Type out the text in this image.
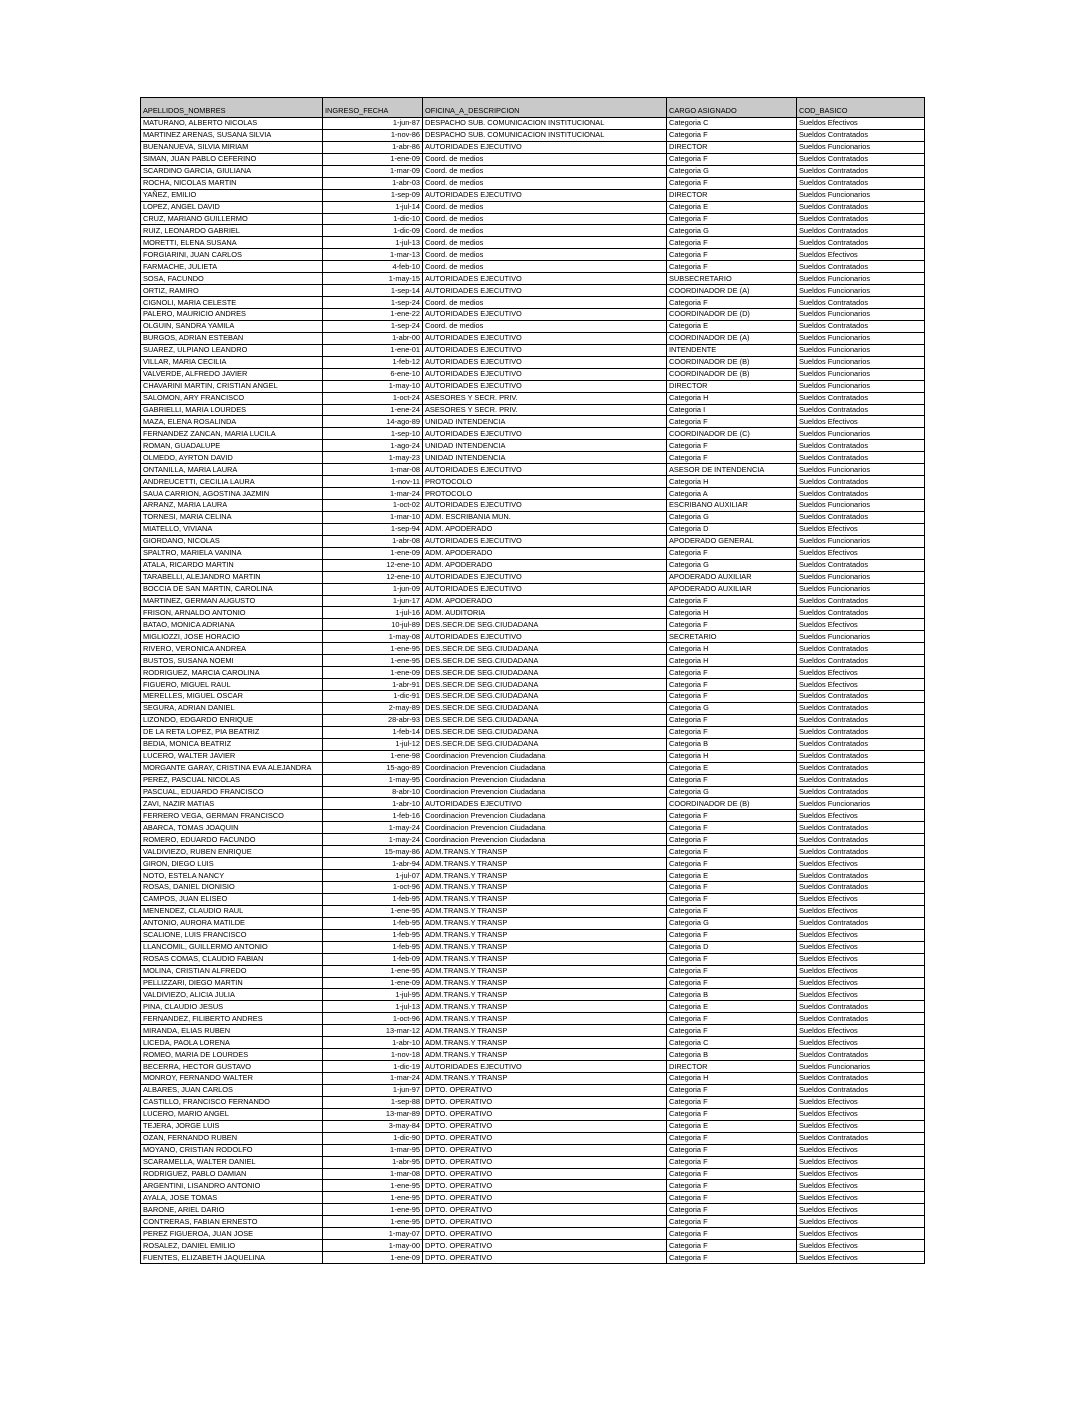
APELLIDOS_NOMBRES	INGRESO_FECHA	OFICINA_A_DESCRIPCION	CARGO ASIGNADO	COD_BASICO
MATURANO, ALBERTO NICOLAS	1-jun-87	DESPACHO SUB. COMUNICACION INSTITUCIONAL	Categoria C	Sueldos Efectivos
MARTINEZ ARENAS, SUSANA SILVIA	1-nov-86	DESPACHO SUB. COMUNICACION INSTITUCIONAL	Categoria F	Sueldos Contratados
BUENANUEVA, SILVIA MIRIAM	1-abr-86	AUTORIDADES EJECUTIVO	DIRECTOR	Sueldos Funcionarios
SIMAN, JUAN PABLO CEFERINO	1-ene-09	Coord. de medios	Categoria F	Sueldos Contratados
SCARDINO GARCIA, GIULIANA	1-mar-09	Coord. de medios	Categoria G	Sueldos Contratados
ROCHA, NICOLAS MARTIN	1-abr-03	Coord. de medios	Categoria F	Sueldos Contratados
YAÑEZ, EMILIO	1-sep-09	AUTORIDADES EJECUTIVO	DIRECTOR	Sueldos Funcionarios
LOPEZ, ANGEL DAVID	1-jul-14	Coord. de medios	Categoria E	Sueldos Contratados
CRUZ, MARIANO GUILLERMO	1-dic-10	Coord. de medios	Categoria F	Sueldos Contratados
RUIZ, LEONARDO GABRIEL	1-dic-09	Coord. de medios	Categoria G	Sueldos Contratados
MORETTI, ELENA SUSANA	1-jul-13	Coord. de medios	Categoria F	Sueldos Contratados
FORGIARINI, JUAN CARLOS	1-mar-13	Coord. de medios	Categoria F	Sueldos Efectivos
FARMACHE, JULIETA	4-feb-10	Coord. de medios	Categoria F	Sueldos Contratados
SOSA, FACUNDO	1-may-15	AUTORIDADES EJECUTIVO	SUBSECRETARIO	Sueldos Funcionarios
ORTIZ, RAMIRO	1-sep-14	AUTORIDADES EJECUTIVO	COORDINADOR DE (A)	Sueldos Funcionarios
CIGNOLI, MARIA CELESTE	1-sep-24	Coord. de medios	Categoria F	Sueldos Contratados
PALERO, MAURICIO ANDRES	1-ene-22	AUTORIDADES EJECUTIVO	COORDINADOR DE (D)	Sueldos Funcionarios
OLGUIN, SANDRA YAMILA	1-sep-24	Coord. de medios	Categoria E	Sueldos Contratados
BURGOS, ADRIAN ESTEBAN	1-abr-00	AUTORIDADES EJECUTIVO	COORDINADOR DE (A)	Sueldos Funcionarios
SUAREZ, ULPIANO LEANDRO	1-ene-01	AUTORIDADES EJECUTIVO	INTENDENTE	Sueldos Funcionarios
VILLAR, MARIA CECILIA	1-feb-12	AUTORIDADES EJECUTIVO	COORDINADOR DE (B)	Sueldos Funcionarios
VALVERDE, ALFREDO JAVIER	6-ene-10	AUTORIDADES EJECUTIVO	COORDINADOR DE (B)	Sueldos Funcionarios
CHAVARINI MARTIN, CRISTIAN ANGEL	1-may-10	AUTORIDADES EJECUTIVO	DIRECTOR	Sueldos Funcionarios
SALOMON, ARY FRANCISCO	1-oct-24	ASESORES Y SECR. PRIV.	Categoria H	Sueldos Contratados
GABRIELLI, MARIA LOURDES	1-ene-24	ASESORES Y SECR. PRIV.	Categoria I	Sueldos Contratados
MAZA, ELENA ROSALINDA	14-ago-89	UNIDAD INTENDENCIA	Categoria F	Sueldos Efectivos
FERNANDEZ ZANCAN, MARIA LUCILA	1-sep-10	AUTORIDADES EJECUTIVO	COORDINADOR DE (C)	Sueldos Funcionarios
ROMAN, GUADALUPE	1-ago-24	UNIDAD INTENDENCIA	Categoria F	Sueldos Contratados
OLMEDO, AYRTON DAVID	1-may-23	UNIDAD INTENDENCIA	Categoria F	Sueldos Contratados
ONTANILLA, MARIA LAURA	1-mar-08	AUTORIDADES EJECUTIVO	ASESOR DE INTENDENCIA	Sueldos Funcionarios
ANDREUCETTI, CECILIA LAURA	1-nov-11	PROTOCOLO	Categoria H	Sueldos Contratados
SAUA CARRION, AGOSTINA JAZMIN	1-mar-24	PROTOCOLO	Categoria A	Sueldos Contratados
ARRANZ, MARIA LAURA	1-oct-02	AUTORIDADES EJECUTIVO	ESCRIBANO AUXILIAR	Sueldos Funcionarios
TORNESI, MARIA CELINA	1-mar-10	ADM. ESCRIBANIA MUN.	Categoria G	Sueldos Contratados
MIATELLO, VIVIANA	1-sep-94	ADM. APODERADO	Categoria D	Sueldos Efectivos
GIORDANO, NICOLAS	1-abr-08	AUTORIDADES EJECUTIVO	APODERADO GENERAL	Sueldos Funcionarios
SPALTRO, MARIELA VANINA	1-ene-09	ADM. APODERADO	Categoria F	Sueldos Efectivos
ATALA, RICARDO MARTIN	12-ene-10	ADM. APODERADO	Categoria G	Sueldos Contratados
TARABELLI, ALEJANDRO MARTIN	12-ene-10	AUTORIDADES EJECUTIVO	APODERADO AUXILIAR	Sueldos Funcionarios
BOCCIA DE SAN MARTIN, CAROLINA	1-jun-09	AUTORIDADES EJECUTIVO	APODERADO AUXILIAR	Sueldos Funcionarios
MARTINEZ, GERMAN AUGUSTO	1-jun-17	ADM. APODERADO	Categoria F	Sueldos Contratados
FRISON, ARNALDO ANTONIO	1-jul-16	ADM. AUDITORIA	Categoria H	Sueldos Contratados
BATAO, MONICA ADRIANA	10-jul-89	DES.SECR.DE SEG.CIUDADANA	Categoria F	Sueldos Efectivos
MIGLIOZZI, JOSE HORACIO	1-may-08	AUTORIDADES EJECUTIVO	SECRETARIO	Sueldos Funcionarios
RIVERO, VERONICA ANDREA	1-ene-95	DES.SECR.DE SEG.CIUDADANA	Categoria H	Sueldos Contratados
BUSTOS, SUSANA NOEMI	1-ene-95	DES.SECR.DE SEG.CIUDADANA	Categoria H	Sueldos Contratados
RODRIGUEZ, MARCIA CAROLINA	1-ene-09	DES.SECR.DE SEG.CIUDADANA	Categoria F	Sueldos Efectivos
FIGUERO, MIGUEL RAUL	1-abr-91	DES.SECR.DE SEG.CIUDADANA	Categoria F	Sueldos Efectivos
MERELLES, MIGUEL OSCAR	1-dic-91	DES.SECR.DE SEG.CIUDADANA	Categoria F	Sueldos Contratados
SEGURA, ADRIAN DANIEL	2-may-89	DES.SECR.DE SEG.CIUDADANA	Categoria G	Sueldos Contratados
LIZONDO, EDGARDO ENRIQUE	28-abr-93	DES.SECR.DE SEG.CIUDADANA	Categoria F	Sueldos Contratados
DE LA RETA LOPEZ, PIA BEATRIZ	1-feb-14	DES.SECR.DE SEG.CIUDADANA	Categoria F	Sueldos Contratados
BEDIA, MONICA BEATRIZ	1-jul-12	DES.SECR.DE SEG.CIUDADANA	Categoria B	Sueldos Contratados
LUCERO, WALTER JAVIER	1-ene-98	Coordinacion Prevencion Ciudadana	Categoria H	Sueldos Contratados
MORGANTE GARAY, CRISTINA EVA ALEJANDRA	15-ago-89	Coordinacion Prevencion Ciudadana	Categoria E	Sueldos Contratados
PEREZ, PASCUAL NICOLAS	1-may-95	Coordinacion Prevencion Ciudadana	Categoria F	Sueldos Contratados
PASCUAL, EDUARDO FRANCISCO	8-abr-10	Coordinacion Prevencion Ciudadana	Categoria G	Sueldos Contratados
ZAVI, NAZIR MATIAS	1-abr-10	AUTORIDADES EJECUTIVO	COORDINADOR DE (B)	Sueldos Funcionarios
FERRERO VEGA, GERMAN FRANCISCO	1-feb-16	Coordinacion Prevencion Ciudadana	Categoria F	Sueldos Efectivos
ABARCA, TOMAS JOAQUIN	1-may-24	Coordinacion Prevencion Ciudadana	Categoria F	Sueldos Contratados
ROMERO, EDUARDO FACUNDO	1-may-24	Coordinacion Prevencion Ciudadana	Categoria F	Sueldos Contratados
VALDIVIEZO, RUBEN ENRIQUE	15-may-86	ADM.TRANS.Y TRANSP	Categoria F	Sueldos Contratados
GIRON, DIEGO LUIS	1-abr-94	ADM.TRANS.Y TRANSP	Categoria F	Sueldos Efectivos
NOTO, ESTELA NANCY	1-jul-07	ADM.TRANS.Y TRANSP	Categoria E	Sueldos Contratados
ROSAS, DANIEL DIONISIO	1-oct-96	ADM.TRANS.Y TRANSP	Categoria F	Sueldos Contratados
CAMPOS, JUAN ELISEO	1-feb-95	ADM.TRANS.Y TRANSP	Categoria F	Sueldos Efectivos
MENENDEZ, CLAUDIO RAUL	1-ene-95	ADM.TRANS.Y TRANSP	Categoria F	Sueldos Efectivos
ANTONIO, AURORA MATILDE	1-feb-95	ADM.TRANS.Y TRANSP	Categoria G	Sueldos Contratados
SCALIONE, LUIS FRANCISCO	1-feb-95	ADM.TRANS.Y TRANSP	Categoria F	Sueldos Efectivos
LLANCOMIL, GUILLERMO ANTONIO	1-feb-95	ADM.TRANS.Y TRANSP	Categoria D	Sueldos Efectivos
ROSAS COMAS, CLAUDIO FABIAN	1-feb-09	ADM.TRANS.Y TRANSP	Categoria F	Sueldos Efectivos
MOLINA, CRISTIAN ALFREDO	1-ene-95	ADM.TRANS.Y TRANSP	Categoria F	Sueldos Efectivos
PELLIZZARI, DIEGO MARTIN	1-ene-09	ADM.TRANS.Y TRANSP	Categoria F	Sueldos Efectivos
VALDIVIEZO, ALICIA JULIA	1-jul-95	ADM.TRANS.Y TRANSP	Categoria B	Sueldos Efectivos
PINA, CLAUDIO JESUS	1-jul-13	ADM.TRANS.Y TRANSP	Categoria E	Sueldos Contratados
FERNANDEZ, FILIBERTO ANDRES	1-oct-96	ADM.TRANS.Y TRANSP	Categoria F	Sueldos Contratados
MIRANDA, ELIAS RUBEN	13-mar-12	ADM.TRANS.Y TRANSP	Categoria F	Sueldos Efectivos
LICEDA, PAOLA LORENA	1-abr-10	ADM.TRANS.Y TRANSP	Categoria C	Sueldos Efectivos
ROMEO, MARIA DE LOURDES	1-nov-18	ADM.TRANS.Y TRANSP	Categoria B	Sueldos Contratados
BECERRA, HECTOR GUSTAVO	1-dic-19	AUTORIDADES EJECUTIVO	DIRECTOR	Sueldos Funcionarios
MONROY, FERNANDO WALTER	1-mar-24	ADM.TRANS.Y TRANSP	Categoria H	Sueldos Contratados
ALBARES, JUAN CARLOS	1-jun-97	DPTO. OPERATIVO	Categoria F	Sueldos Contratados
CASTILLO, FRANCISCO FERNANDO	1-sep-88	DPTO. OPERATIVO	Categoria F	Sueldos Efectivos
LUCERO, MARIO ANGEL	13-mar-89	DPTO. OPERATIVO	Categoria F	Sueldos Efectivos
TEJERA, JORGE LUIS	3-may-84	DPTO. OPERATIVO	Categoria E	Sueldos Efectivos
OZAN, FERNANDO RUBEN	1-dic-90	DPTO. OPERATIVO	Categoria F	Sueldos Contratados
MOYANO, CRISTIAN RODOLFO	1-mar-95	DPTO. OPERATIVO	Categoria F	Sueldos Efectivos
SCARAMELLA, WALTER DANIEL	1-abr-95	DPTO. OPERATIVO	Categoria F	Sueldos Efectivos
RODRIGUEZ, PABLO DAMIAN	1-mar-08	DPTO. OPERATIVO	Categoria F	Sueldos Efectivos
ARGENTINI, LISANDRO ANTONIO	1-ene-95	DPTO. OPERATIVO	Categoria F	Sueldos Efectivos
AYALA, JOSE TOMAS	1-ene-95	DPTO. OPERATIVO	Categoria F	Sueldos Efectivos
BARONE, ARIEL DARIO	1-ene-95	DPTO. OPERATIVO	Categoria F	Sueldos Efectivos
CONTRERAS, FABIAN ERNESTO	1-ene-95	DPTO. OPERATIVO	Categoria F	Sueldos Efectivos
PEREZ FIGUEROA, JUAN JOSE	1-may-07	DPTO. OPERATIVO	Categoria F	Sueldos Efectivos
ROSALEZ, DANIEL EMILIO	1-may-00	DPTO. OPERATIVO	Categoria F	Sueldos Efectivos
FUENTES, ELIZABETH JAQUELINA	1-ene-09	DPTO. OPERATIVO	Categoria F	Sueldos Efectivos
